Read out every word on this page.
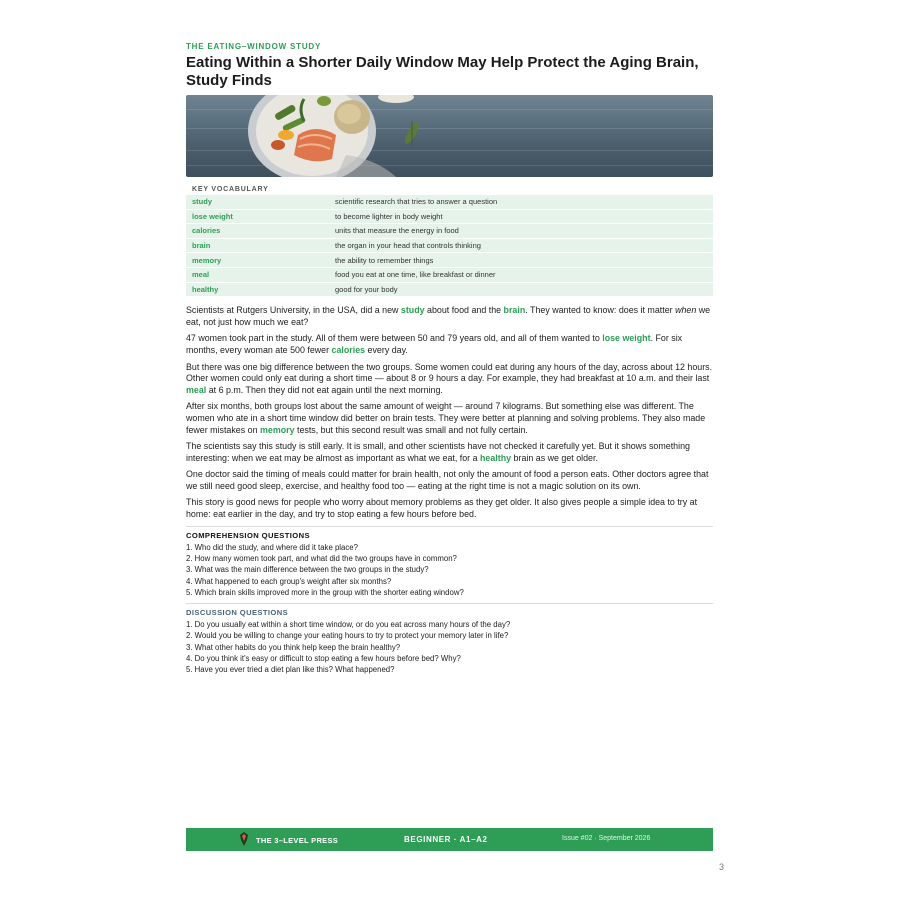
THE EATING–WINDOW STUDY
Eating Within a Shorter Daily Window May Help Protect the Aging Brain, Study Finds
KEY VOCABULARY
study	scientific research that tries to answer a question
lose weight	to become lighter in body weight
calories	units that measure the energy in food
brain	the organ in your head that controls thinking
memory	the ability to remember things
meal	food you eat at one time, like breakfast or dinner
healthy	good for your body

Scientists at Rutgers University, in the USA, did a new study about food and the brain. They wanted to know: does it matter when we eat, not just how much we eat?

47 women took part in the study. All of them were between 50 and 79 years old, and all of them wanted to lose weight. For six months, every woman ate 500 fewer calories every day.

But there was one big difference between the two groups. Some women could eat during any hours of the day, across about 12 hours. Other women could only eat during a short time — about 8 or 9 hours a day. For example, they had breakfast at 10 a.m. and their last meal at 6 p.m. Then they did not eat again until the next morning.

After six months, both groups lost about the same amount of weight — around 7 kilograms. But something else was different. The women who ate in a short time window did better on brain tests. They were better at planning and solving problems. They also made fewer mistakes on memory tests, but this second result was small and not fully certain.

The scientists say this study is still early. It is small, and other scientists have not checked it carefully yet. But it shows something interesting: when we eat may be almost as important as what we eat, for a healthy brain as we get older.

One doctor said the timing of meals could matter for brain health, not only the amount of food a person eats. Other doctors agree that we still need good sleep, exercise, and healthy food too — eating at the right time is not a magic solution on its own.

This story is good news for people who worry about memory problems as they get older. It also gives people a simple idea to try at home: eat earlier in the day, and try to stop eating a few hours before bed.

COMPREHENSION QUESTIONS
1. Who did the study, and where did it take place?
2. How many women took part, and what did the two groups have in common?
3. What was the main difference between the two groups in the study?
4. What happened to each group's weight after six months?
5. Which brain skills improved more in the group with the shorter eating window?
DISCUSSION QUESTIONS
1. Do you usually eat within a short time window, or do you eat across many hours of the day?
2. Would you be willing to change your eating hours to try to protect your memory later in life?
3. What other habits do you think help keep the brain healthy?
4. Do you think it's easy or difficult to stop eating a few hours before bed? Why?
5. Have you ever tried a diet plan like this? What happened?
THE 3–LEVEL PRESS	BEGINNER · A1–A2	Issue #02 · September 2026
3
